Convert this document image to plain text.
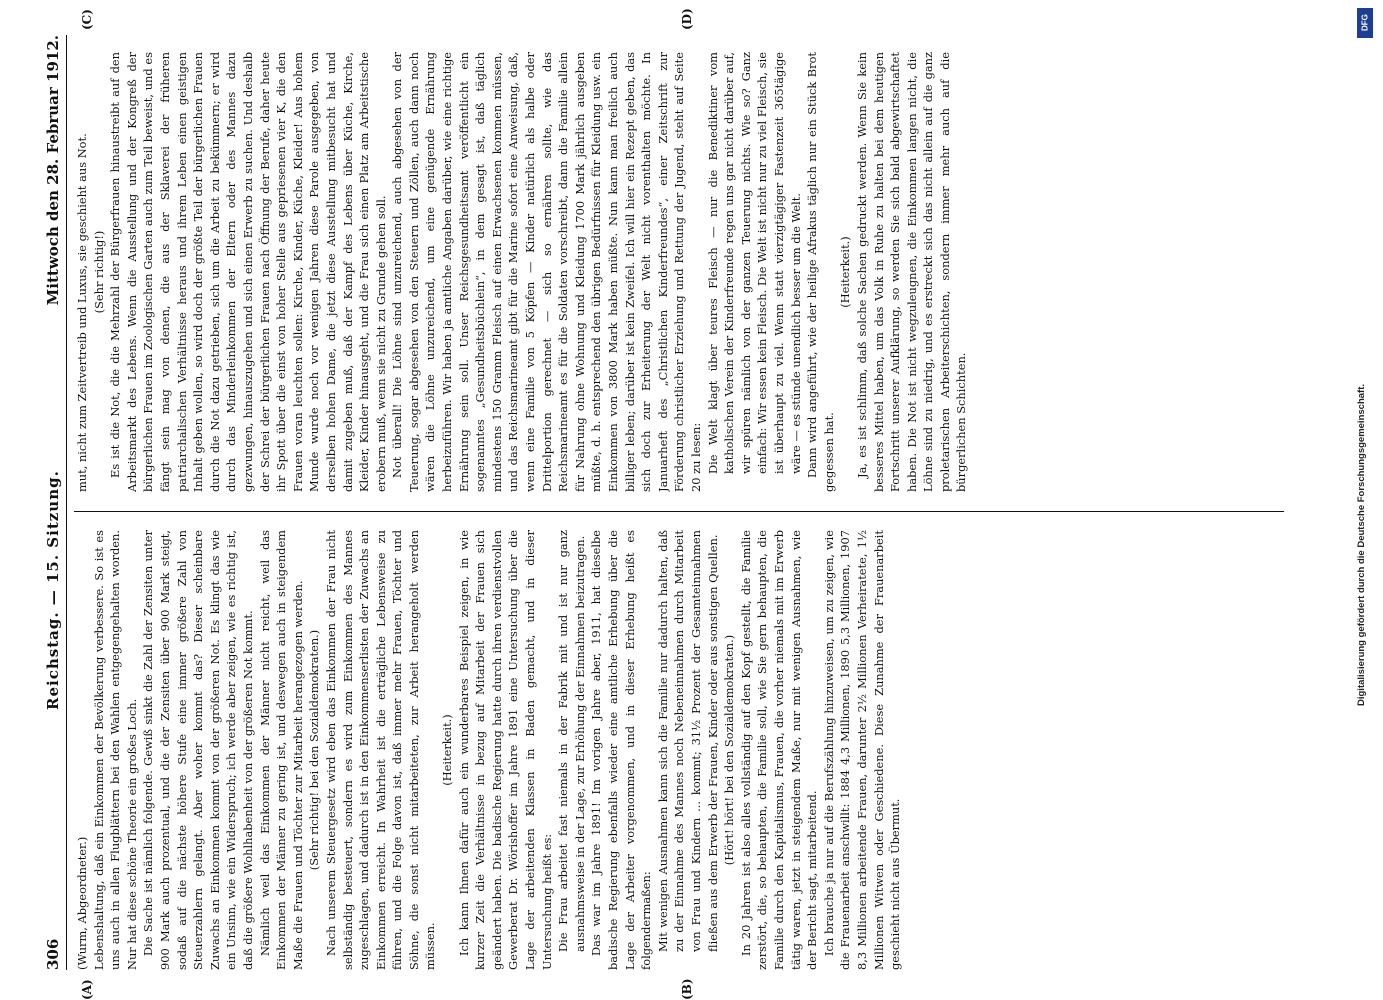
306
Reichstag. — 15. Sitzung.
Mittwoch den 28. Februar 1912.
(A)	(B)
(C)	(D)

(Wurm, Abgeordneter.) Lebenshaltung, daß ein Einkommen der Bevölkerung verbessere. So ist es uns auch in allen Flugblättern bei den Wahlen entgegengehalten worden. Nur hat diese schöne Theorie ein großes Loch. Die Sache ist nämlich folgende. Gewiß sinkt die Zahl der Zensiten unter 900 Mark auch prozentual, und die der Zensiten über 900 Mark steigt, sodaß auf die nächste höhere Stufe eine immer größere Zahl von Steuerzahlern gelangt. Aber woher kommt das? Dieser scheinbare Zuwachs an Einkommen kommt von der größeren Not. Es klingt das wie ein Unsinn, wie ein Widerspruch; ich werde aber zeigen, wie es richtig ist, daß die größere Wohlhabenheit von der größeren Not kommt. Nämlich weil das Einkommen der Männer nicht reicht, weil das Einkommen der Männer zu gering ist, und deswegen auch in steigendem Maße die Frauen und Töchter zur Mitarbeit herangezogen werden. (Sehr richtig! bei den Sozialdemokraten.) Nach unserem Steuergesetz wird eben das Einkommen der Frau nicht selbständig besteuert, sondern es wird zum Einkommen des Mannes zugeschlagen, und dadurch ist in den Einkommenserlisten der Zuwachs an Einkommen erreicht. In Wahrheit ist die erträgliche Lebensweise zu führen, und die Folge davon ist, daß immer mehr Frauen, Töchter und Söhne, die sonst nicht mitarbeiteten, zur Arbeit herangeholt werden müssen.

(Heiterkeit.) Ich kann Ihnen dafür auch ein wunderbares Beispiel zeigen, in wie kurzer Zeit die Verhältnisse in bezug auf Mitarbeit der Frauen sich geändert haben. Die badische Regierung hatte durch ihren verdienstvollen Gewerberat Dr. Wörishoffer im Jahre 1891 eine Untersuchung über die Lage der arbeitenden Klassen in Baden gemacht, und in dieser Untersuchung heißt es: Die Frau arbeitet fast niemals in der Fabrik mit und ist nur ganz ausnahmsweise in der Lage, zur Erhöhung der Einnahmen beizutragen. Das war im Jahre 1891! Im vorigen Jahre aber, 1911, hat dieselbe badische Regierung ebenfalls wieder eine amtliche Erhebung über die Lage der Arbeiter vorgenommen, und in dieser Erhebung heißt es folgendermaßen: Mit wenigen Ausnahmen kann sich die Familie nur dadurch halten, daß zu der Einnahme des Mannes noch Nebeneinnahmen durch Mitarbeit von Frau und Kindern ... kommt; 31½ Prozent der Gesamteinnahmen fließen aus dem Erwerb der Frauen, Kinder oder aus sonstigen Quellen. (Hört! hört! bei den Sozialdemokraten.) In 20 Jahren ist also alles vollständig auf den Kopf gestellt, die Familie zerstört, die, so behaupten, die Familie soll, wie Sie gern behaupten, die Familie durch den Kapitalismus, Frauen, die vorher niemals mit im Erwerb tätig waren, jetzt in steigendem Maße, nur mit wenigen Ausnahmen, wie der Bericht sagt, mitarbeitend. Ich brauche ja nur auf die Berufszählung hinzuweisen, um zu zeigen, wie die Frauenarbeit anschwillt: 1884 4,3 Millionen, 1890 5,3 Millionen, 1907 8,3 Millionen arbeitende Frauen, darunter 2½ Millionen Verheiratete, 1½ Millionen Witwen oder Geschiedene. Diese Zunahme der Frauenarbeit geschieht nicht aus Übermut.

mut, nicht zum Zeitvertreib und Luxus, sie geschieht aus Not. (Sehr richtig!) Es ist die Not, die die Mehrzahl der Bürgerfrauen hinaustreibt auf den Arbeitsmarkt des Lebens. Wenn die Ausstellung und der Kongreß der bürgerlichen Frauen im Zoologischen Garten auch zum Teil beweist, und es fängt sein mag von denen, die aus der Sklaverei der früheren patriarchalischen Verhältnisse heraus und ihrem Leben einen geistigen Inhalt geben wollen, so wird doch der größte Teil der bürgerlichen Frauen durch die Not dazu getrieben, sich um die Arbeit zu bekümmern; er wird durch das Minderleinkommen der Eltern oder des Mannes dazu gezwungen, hinauszugehen und sich einen Erwerb zu suchen. Und deshalb der Schrei der bürgerlichen Frauen nach Öffnung der Berufe, daher heute ihr Spott über die einst von hoher Stelle aus gepriesenen vier K, die den Frauen voran leuchten sollen: Kirche, Kinder, Küche, Kleider! Aus hohem Munde wurde noch vor wenigen Jahren diese Parole ausgegeben, von derselben hohen Dame, die jetzt diese Ausstellung mitbesucht hat und damit zugeben muß, daß der Kampf des Lebens über Küche, Kirche, Kleider, Kinder hinausgeht, und die Frau sich einen Platz am Arbeitstische erobern muß, wenn sie nicht zu Grunde gehen soll. Not überall! Die Löhne sind unzureichend, auch abgesehen von der Teuerung, sogar abgesehen von den Steuern und Zöllen, auch dann noch wären die Löhne unzureichend, um eine genügende Ernährung herbeizuführen. Wir haben ja amtliche Angaben darüber, wie eine richtige Ernährung sein soll. Unser Reichsgesundheitsamt veröffentlicht ein sogenanntes „Gesundheitsbüchlein“, in dem gesagt ist, daß täglich mindestens 150 Gramm Fleisch auf einen Erwachsenen kommen müssen, und das Reichsmarineamt gibt für die Marine sofort eine Anweisung, daß, wenn eine Familie von 5 Köpfen — Kinder natürlich als halbe oder Drittelportion gerechnet — sich so ernähren sollte, wie das Reichsmarineamt es für die Soldaten vorschreibt, dann die Familie allein für Nahrung ohne Wohnung und Kleidung 1700 Mark jährlich ausgeben müßte, d. h. entsprechend den übrigen Bedürfnissen für Kleidung usw. ein Einkommen von 3800 Mark haben müßte. Nun kann man freilich auch billiger leben; darüber ist kein Zweifel. Ich will hier ein Rezept geben, das sich doch zur Erheiterung der Welt nicht vorenthalten möchte. In Januarheft des „Christlichen Kinderfreundes“, einer Zeitschrift zur Förderung christlicher Erziehung und Rettung der Jugend, steht auf Seite 20 zu lesen: Die Welt klagt über teures Fleisch — nur die Benediktiner vom katholischen Verein der Kinderfreunde regen uns gar nicht darüber auf, wir spüren nämlich von der ganzen Teuerung nichts. Wie so? Ganz einfach: Wir essen kein Fleisch. Die Welt ist nicht nur zu viel Fleisch, sie ist überhaupt zu viel. Wenn statt vierzigtägiger Fastenzeit 365tägige wäre — es stünde unendlich besser um die Welt. Dann wird angeführt, wie der heilige Afrakus täglich nur ein Stück Brot gegessen hat.

(Heiterkeit.) Ja, es ist schlimm, daß solche Sachen gedruckt werden. Wenn Sie kein besseres Mittel haben, um das Volk in Ruhe zu halten bei dem heutigen Fortschritt unserer Aufklärung, so werden Sie sich bald abgewirtschaftet haben. Die Not ist nicht wegzuleugnen, die Einkommen langen nicht, die Löhne sind zu niedrig, und es erstreckt sich das nicht allein auf die ganz proletarischen Arbeiterschichten, sondern immer mehr auch auf die bürgerlichen Schichten.

DFG
Digitalisierung gefördert durch die Deutsche Forschungsgemeinschaft.
